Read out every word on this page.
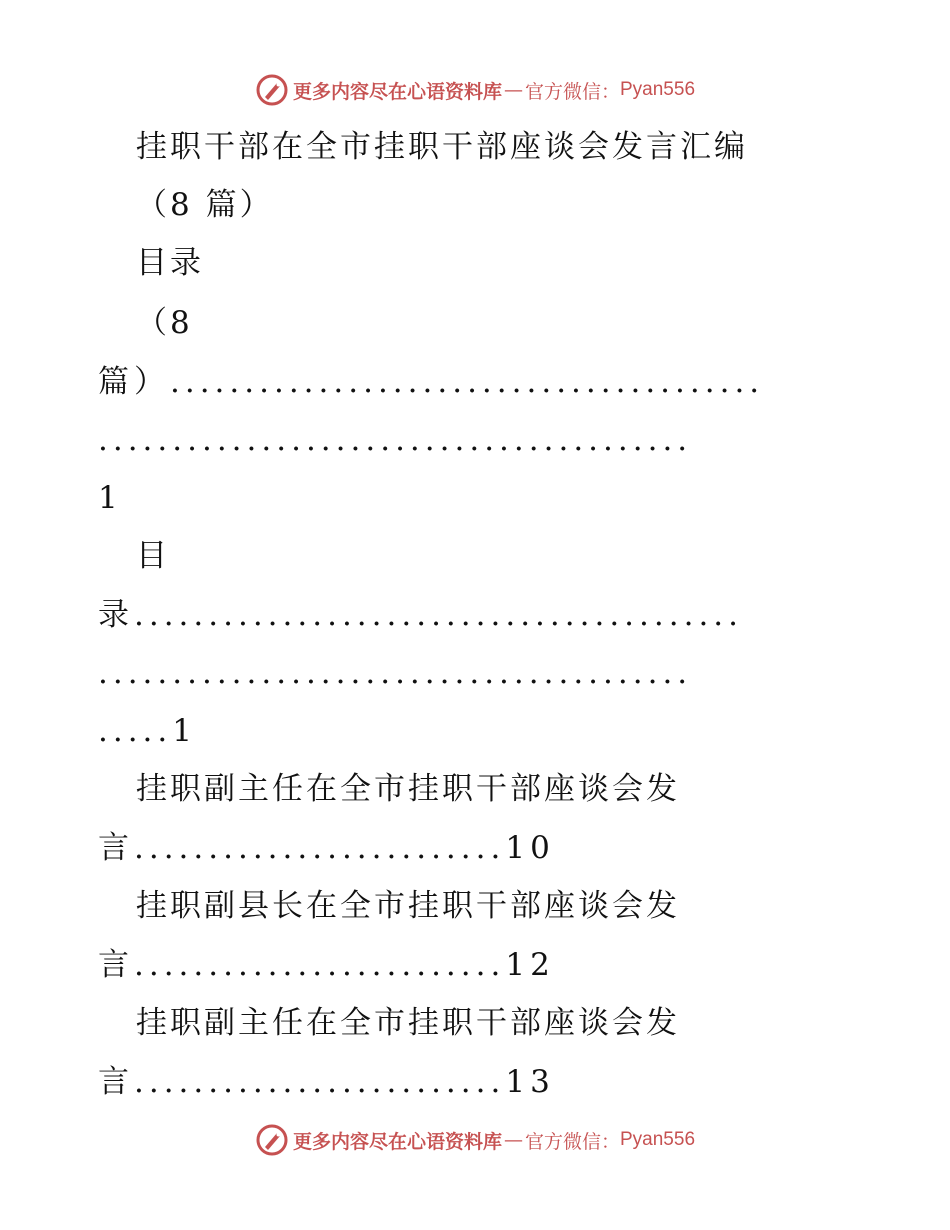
更多内容尽在心语资料库 — 官方微信： Pyan556
挂职干部在全市挂职干部座谈会发言汇编
（8 篇）
目录
（8
篇）........................................
........................................
1
目
录.........................................
........................................
.....1
挂职副主任在全市挂职干部座谈会发
言.........................10
挂职副县长在全市挂职干部座谈会发
言.........................12
挂职副主任在全市挂职干部座谈会发
言.........................13
更多内容尽在心语资料库 — 官方微信： Pyan556
